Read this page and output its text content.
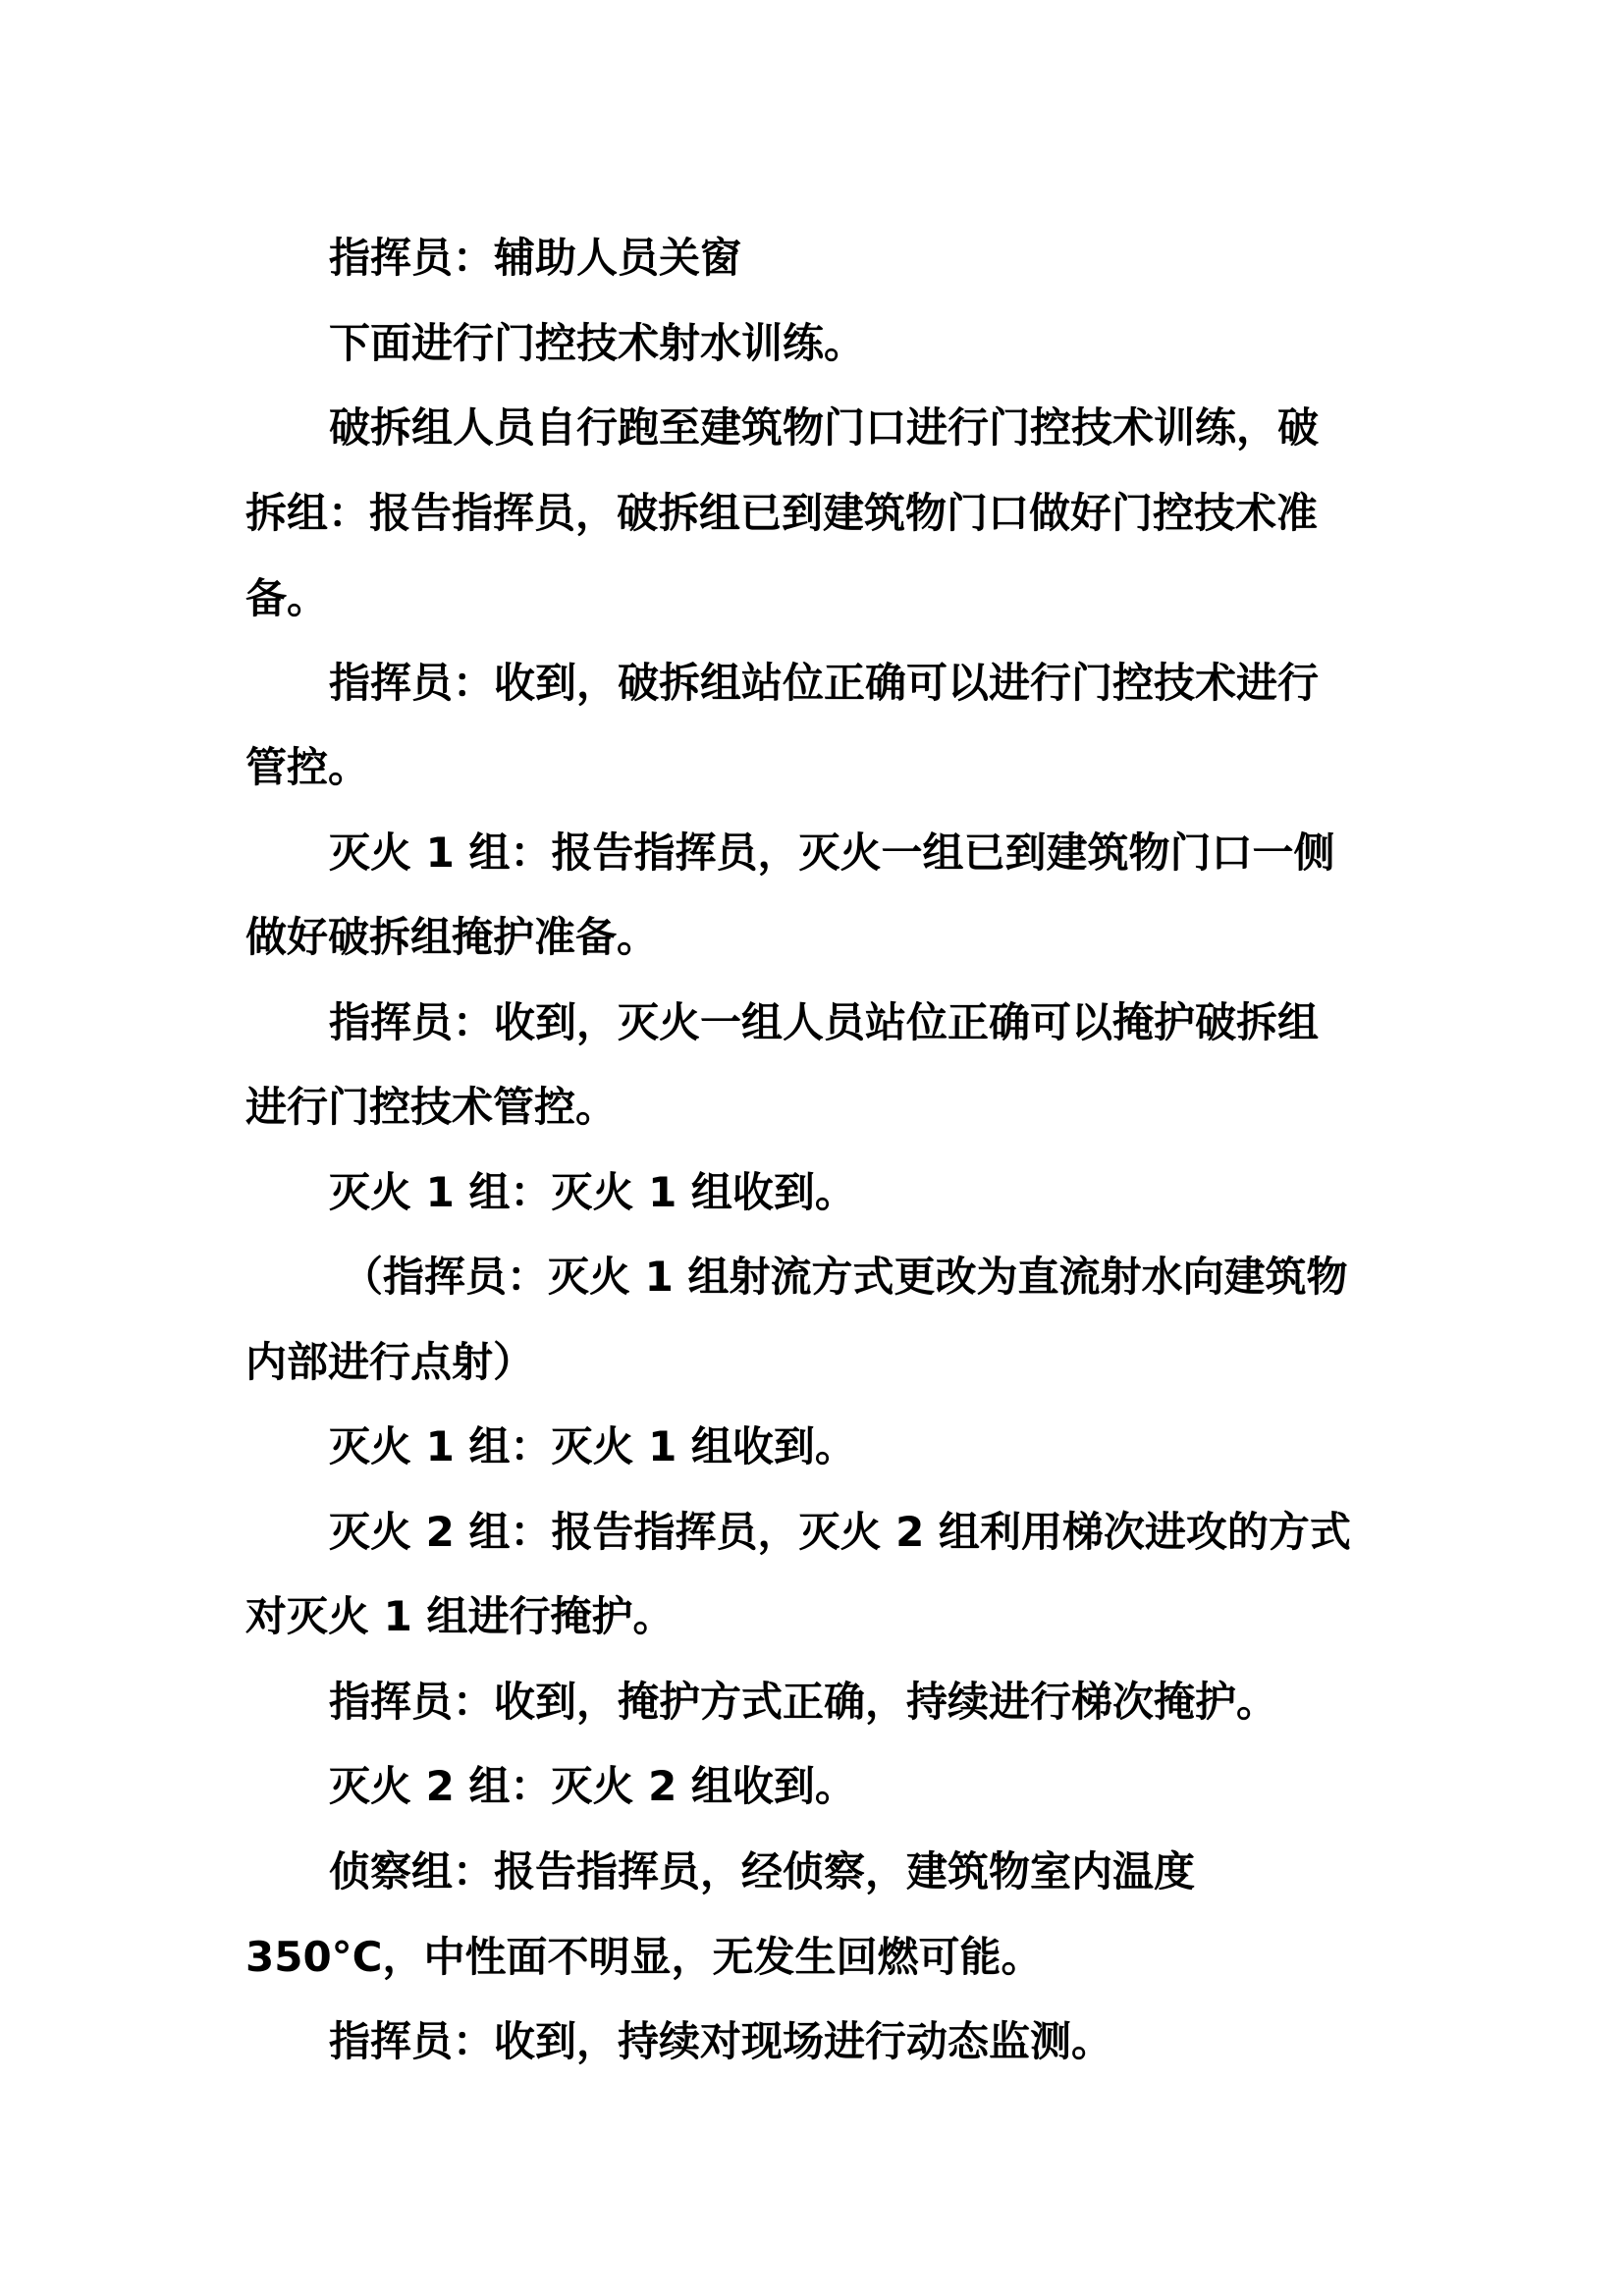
指挥员：辅助人员关窗
下面进行门控技术射水训练。
破拆组人员自行跑至建筑物门口进行门控技术训练，破
拆组：报告指挥员，破拆组已到建筑物门口做好门控技术准
备。
指挥员：收到，破拆组站位正确可以进行门控技术进行
管控。
灭火 1 组：报告指挥员，灭火一组已到建筑物门口一侧
做好破拆组掩护准备。
指挥员：收到，灭火一组人员站位正确可以掩护破拆组
进行门控技术管控。
灭火 1 组：灭火 1 组收到。
（指挥员：灭火 1 组射流方式更改为直流射水向建筑物
内部进行点射）
灭火 1 组：灭火 1 组收到。
灭火 2 组：报告指挥员，灭火 2 组利用梯次进攻的方式
对灭火 1 组进行掩护。
指挥员：收到，掩护方式正确，持续进行梯次掩护。
灭火 2 组：灭火 2 组收到。
侦察组：报告指挥员，经侦察，建筑物室内温度
350°C，中性面不明显，无发生回燃可能。
指挥员：收到，持续对现场进行动态监测。
